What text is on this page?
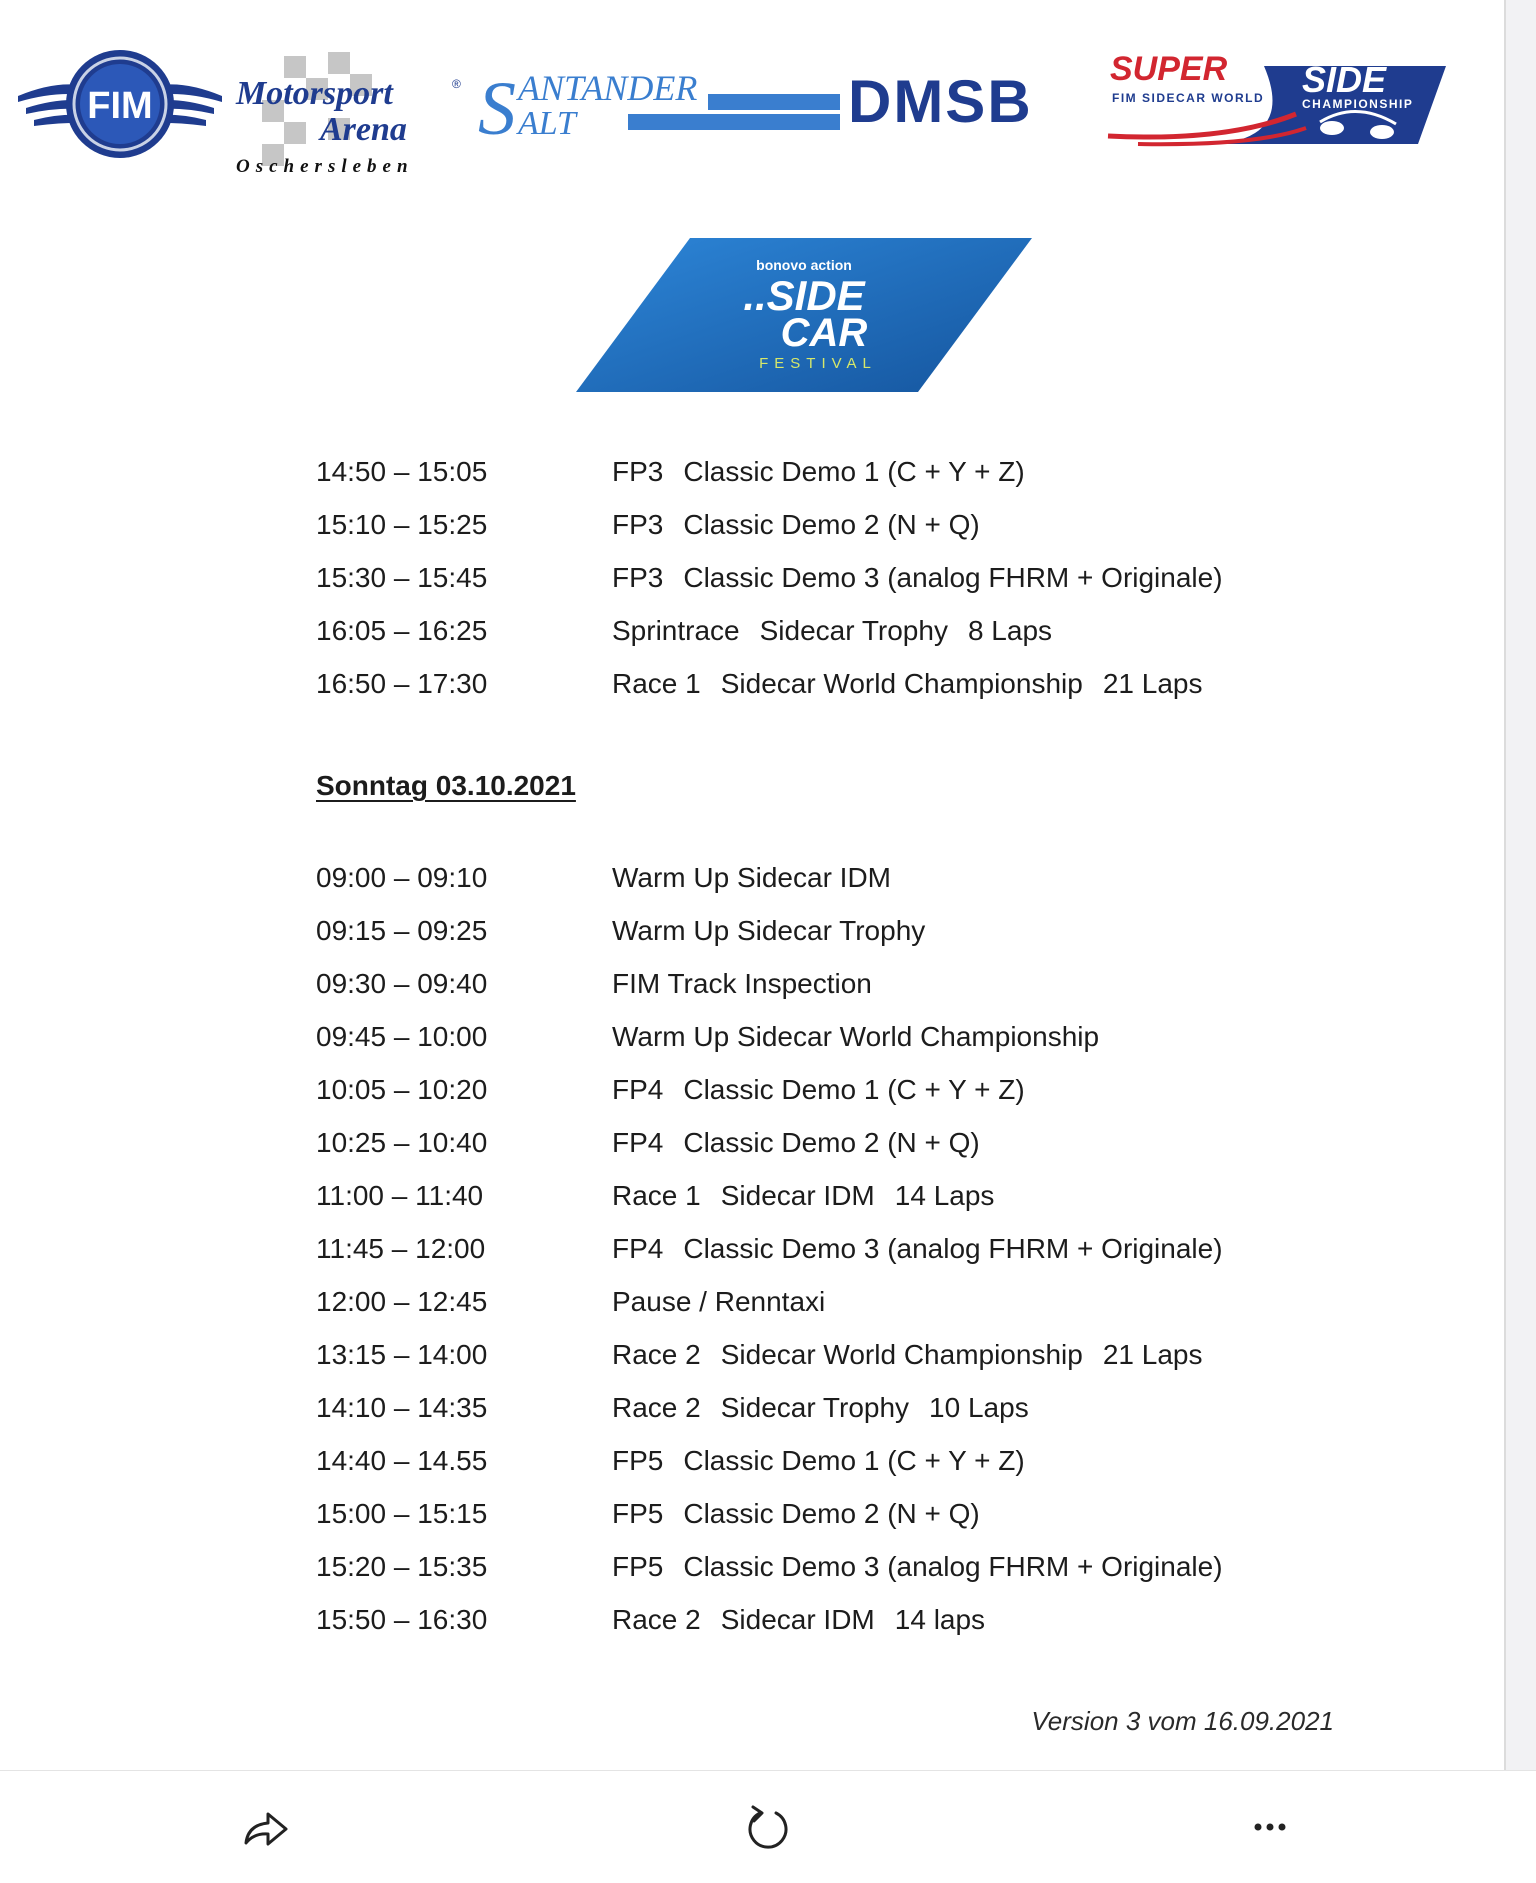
FIM Motorsport	®
Arena
Oschersleben
S ANTANDER
ALT	DMSB SUPER SIDE
FIM SIDECAR WORLD	CHAMPIONSHIP
bonovo action
..SIDE
CAR
FESTIVAL
14:50 – 15:05	FP3 Classic Demo 1 (C + Y + Z)
15:10 – 15:25	FP3 Classic Demo 2 (N + Q)
15:30 – 15:45	FP3 Classic Demo 3 (analog FHRM + Originale)
16:05 – 16:25	Sprintrace Sidecar Trophy 8 Laps
16:50 – 17:30	Race 1 Sidecar World Championship 21 Laps
Sonntag 03.10.2021
09:00 – 09:10	Warm Up Sidecar IDM
09:15 – 09:25	Warm Up Sidecar Trophy
09:30 – 09:40	FIM Track Inspection
09:45 – 10:00	Warm Up Sidecar World Championship
10:05 – 10:20	FP4 Classic Demo 1 (C + Y + Z)
10:25 – 10:40	FP4 Classic Demo 2 (N + Q)
11:00 – 11:40	Race 1 Sidecar IDM 14 Laps
11:45 – 12:00	FP4 Classic Demo 3 (analog FHRM + Originale)
12:00 – 12:45	Pause / Renntaxi
13:15 – 14:00	Race 2 Sidecar World Championship 21 Laps
14:10 – 14:35	Race 2 Sidecar Trophy 10 Laps
14:40 – 14.55	FP5 Classic Demo 1 (C + Y + Z)
15:00 – 15:15	FP5 Classic Demo 2 (N + Q)
15:20 – 15:35	FP5 Classic Demo 3 (analog FHRM + Originale)
15:50 – 16:30	Race 2 Sidecar IDM 14 laps
Version 3 vom 16.09.2021
